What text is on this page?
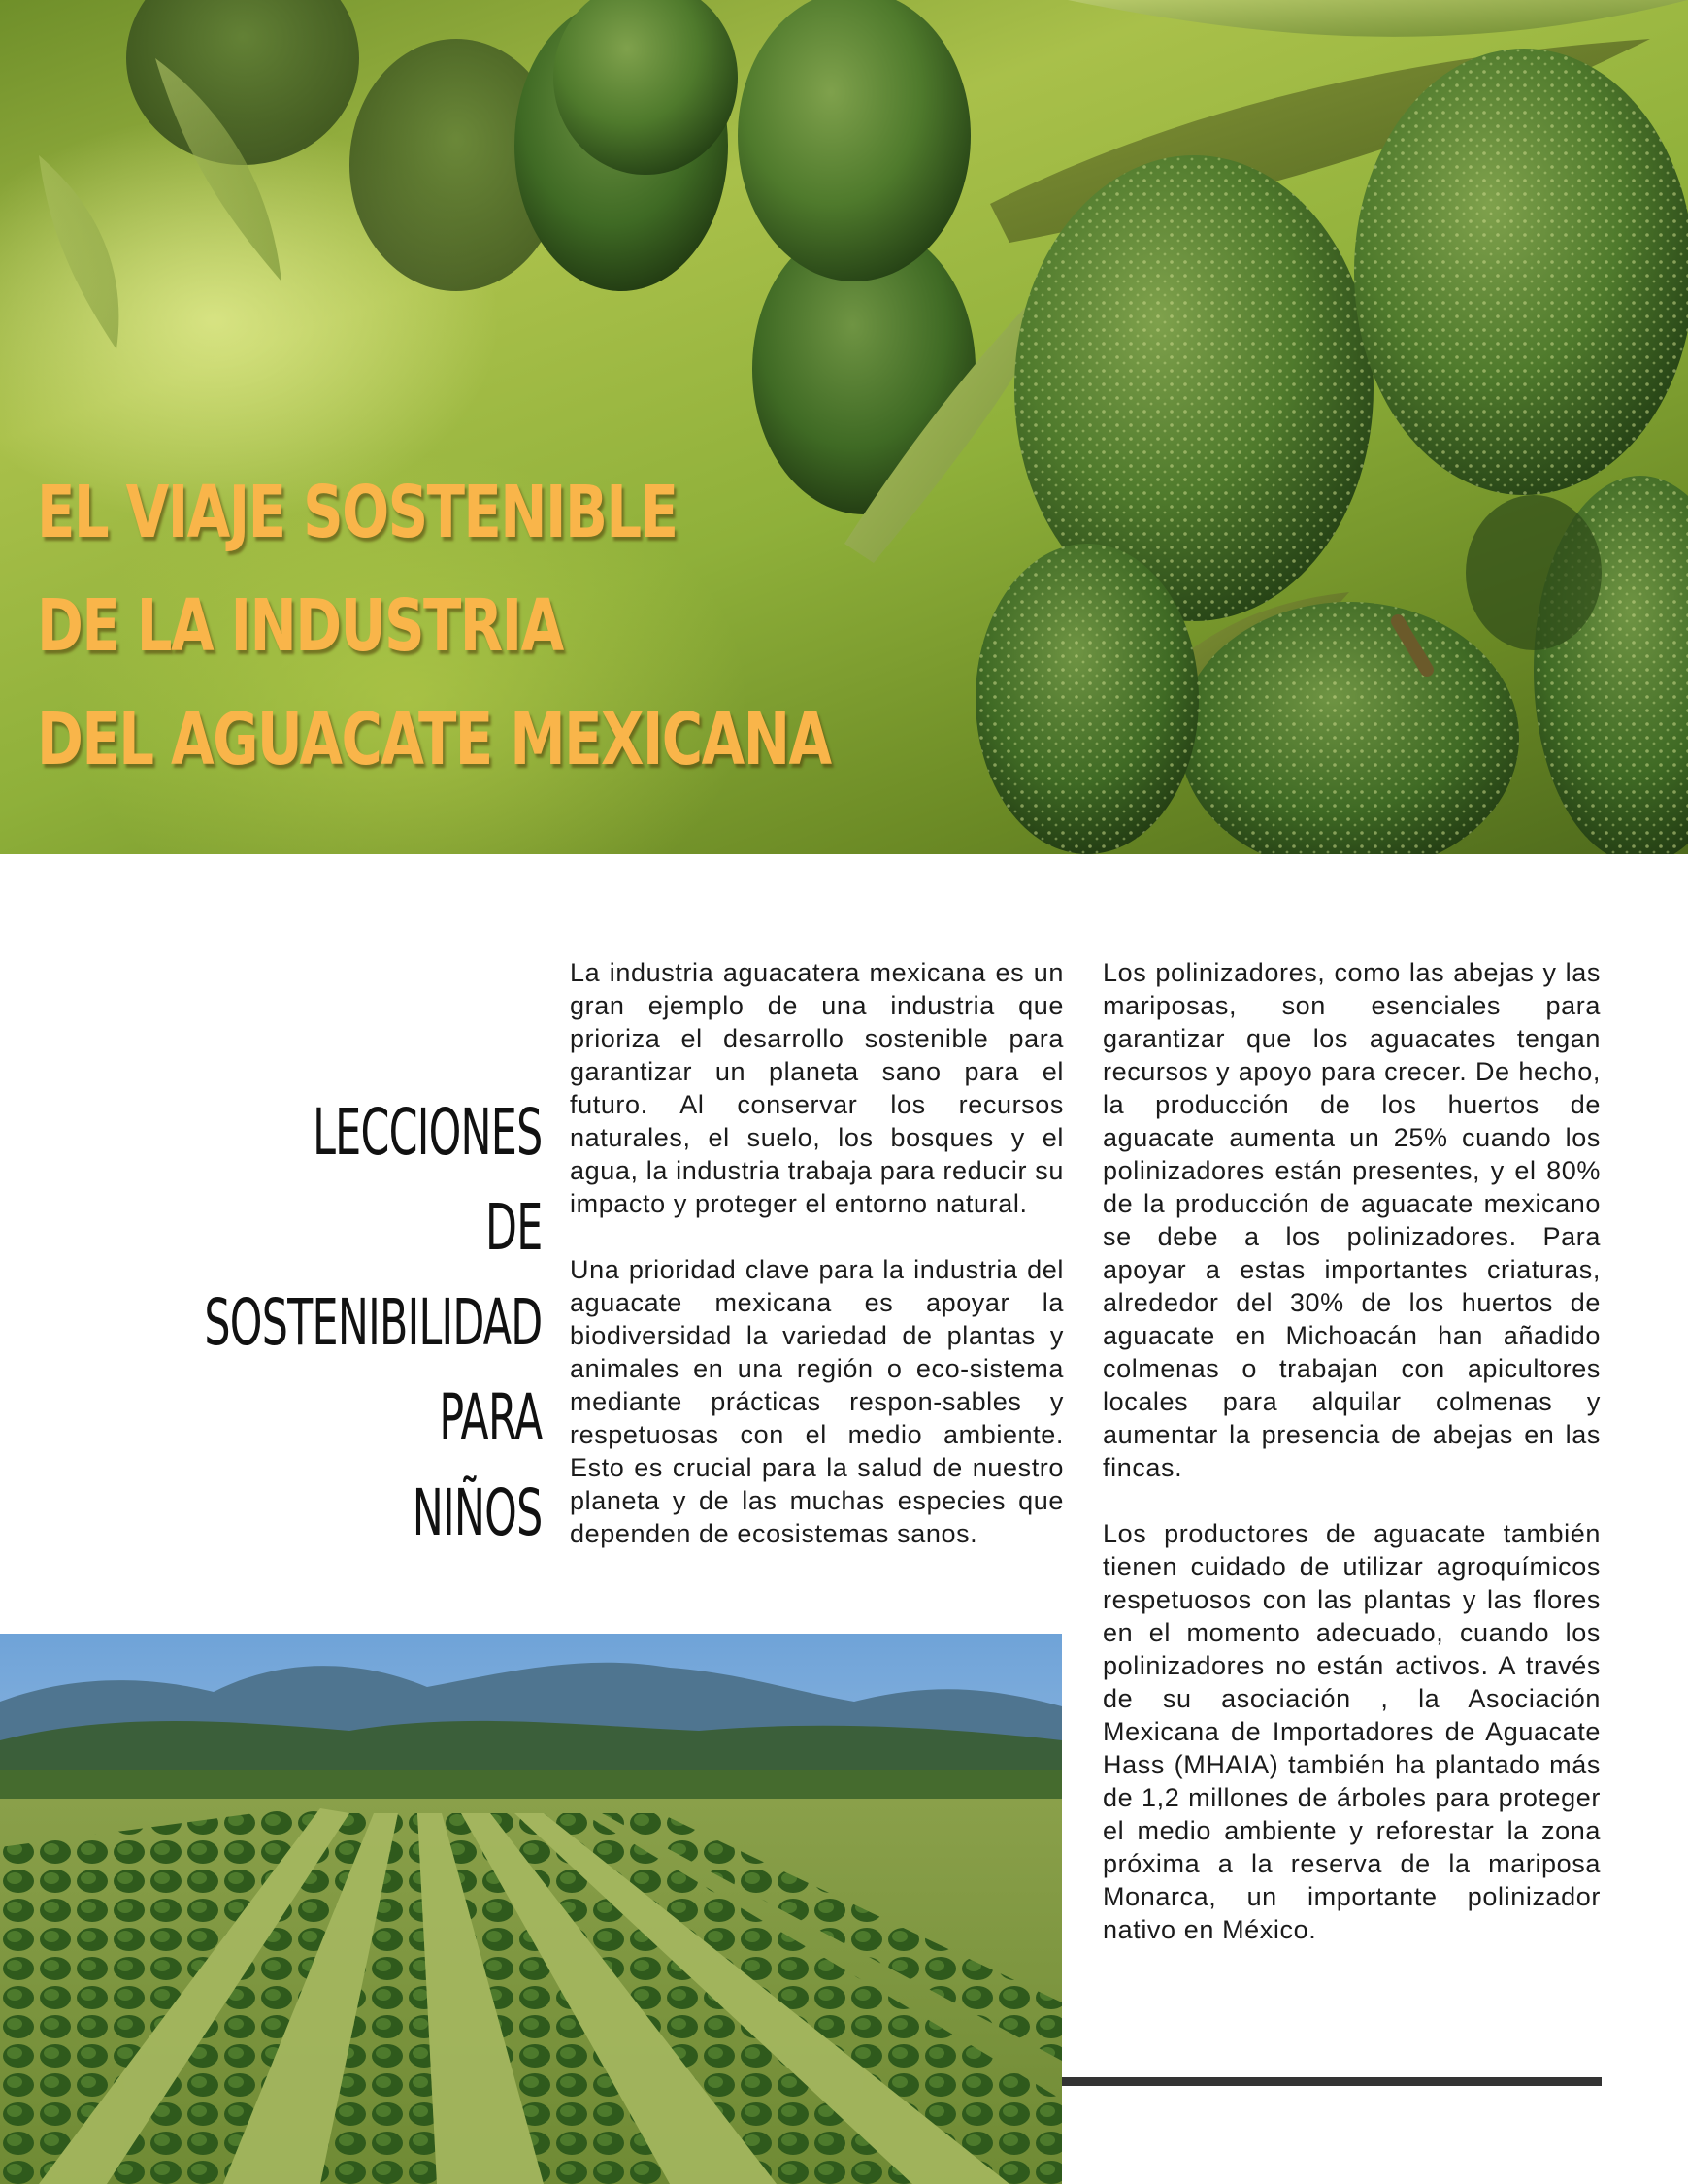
EL VIAJE SOSTENIBLE
DE LA INDUSTRIA
DEL AGUACATE MEXICANA
LECCIONES
DE
SOSTENIBILIDAD
PARA
NIÑOS

La industria aguacatera mexicana es un gran ejemplo de una industria que prioriza el desarrollo sostenible para garantizar un planeta sano para el futuro. Al conservar los recursos naturales, el suelo, los bosques y el agua, la industria trabaja para reducir su impacto y proteger el entorno natural.

Una prioridad clave para la industria del aguacate mexicana es apoyar la biodiversidad la variedad de plantas y animales en una región o eco-sistema mediante prácticas respon-sables y respetuosas con el medio ambiente. Esto es crucial para la salud de nuestro planeta y de las muchas especies que dependen de ecosistemas sanos.

Los polinizadores, como las abejas y las mariposas, son esenciales para garantizar que los aguacates tengan recursos y apoyo para crecer. De hecho, la producción de los huertos de aguacate aumenta un 25% cuando los polinizadores están presentes, y el 80% de la producción de aguacate mexicano se debe a los polinizadores. Para apoyar a estas importantes criaturas, alrededor del 30% de los huertos de aguacate en Michoacán han añadido colmenas o trabajan con apicultores locales para alquilar colmenas y aumentar la presencia de abejas en las fincas.

Los productores de aguacate también tienen cuidado de utilizar agroquímicos respetuosos con las plantas y las flores en el momento adecuado, cuando los polinizadores no están activos. A través de su asociación , la Asociación Mexicana de Importadores de Aguacate Hass (MHAIA) también ha plantado más de 1,2 millones de árboles para proteger el medio ambiente y reforestar la zona próxima a la reserva de la mariposa Monarca, un importante polinizador nativo en México.
